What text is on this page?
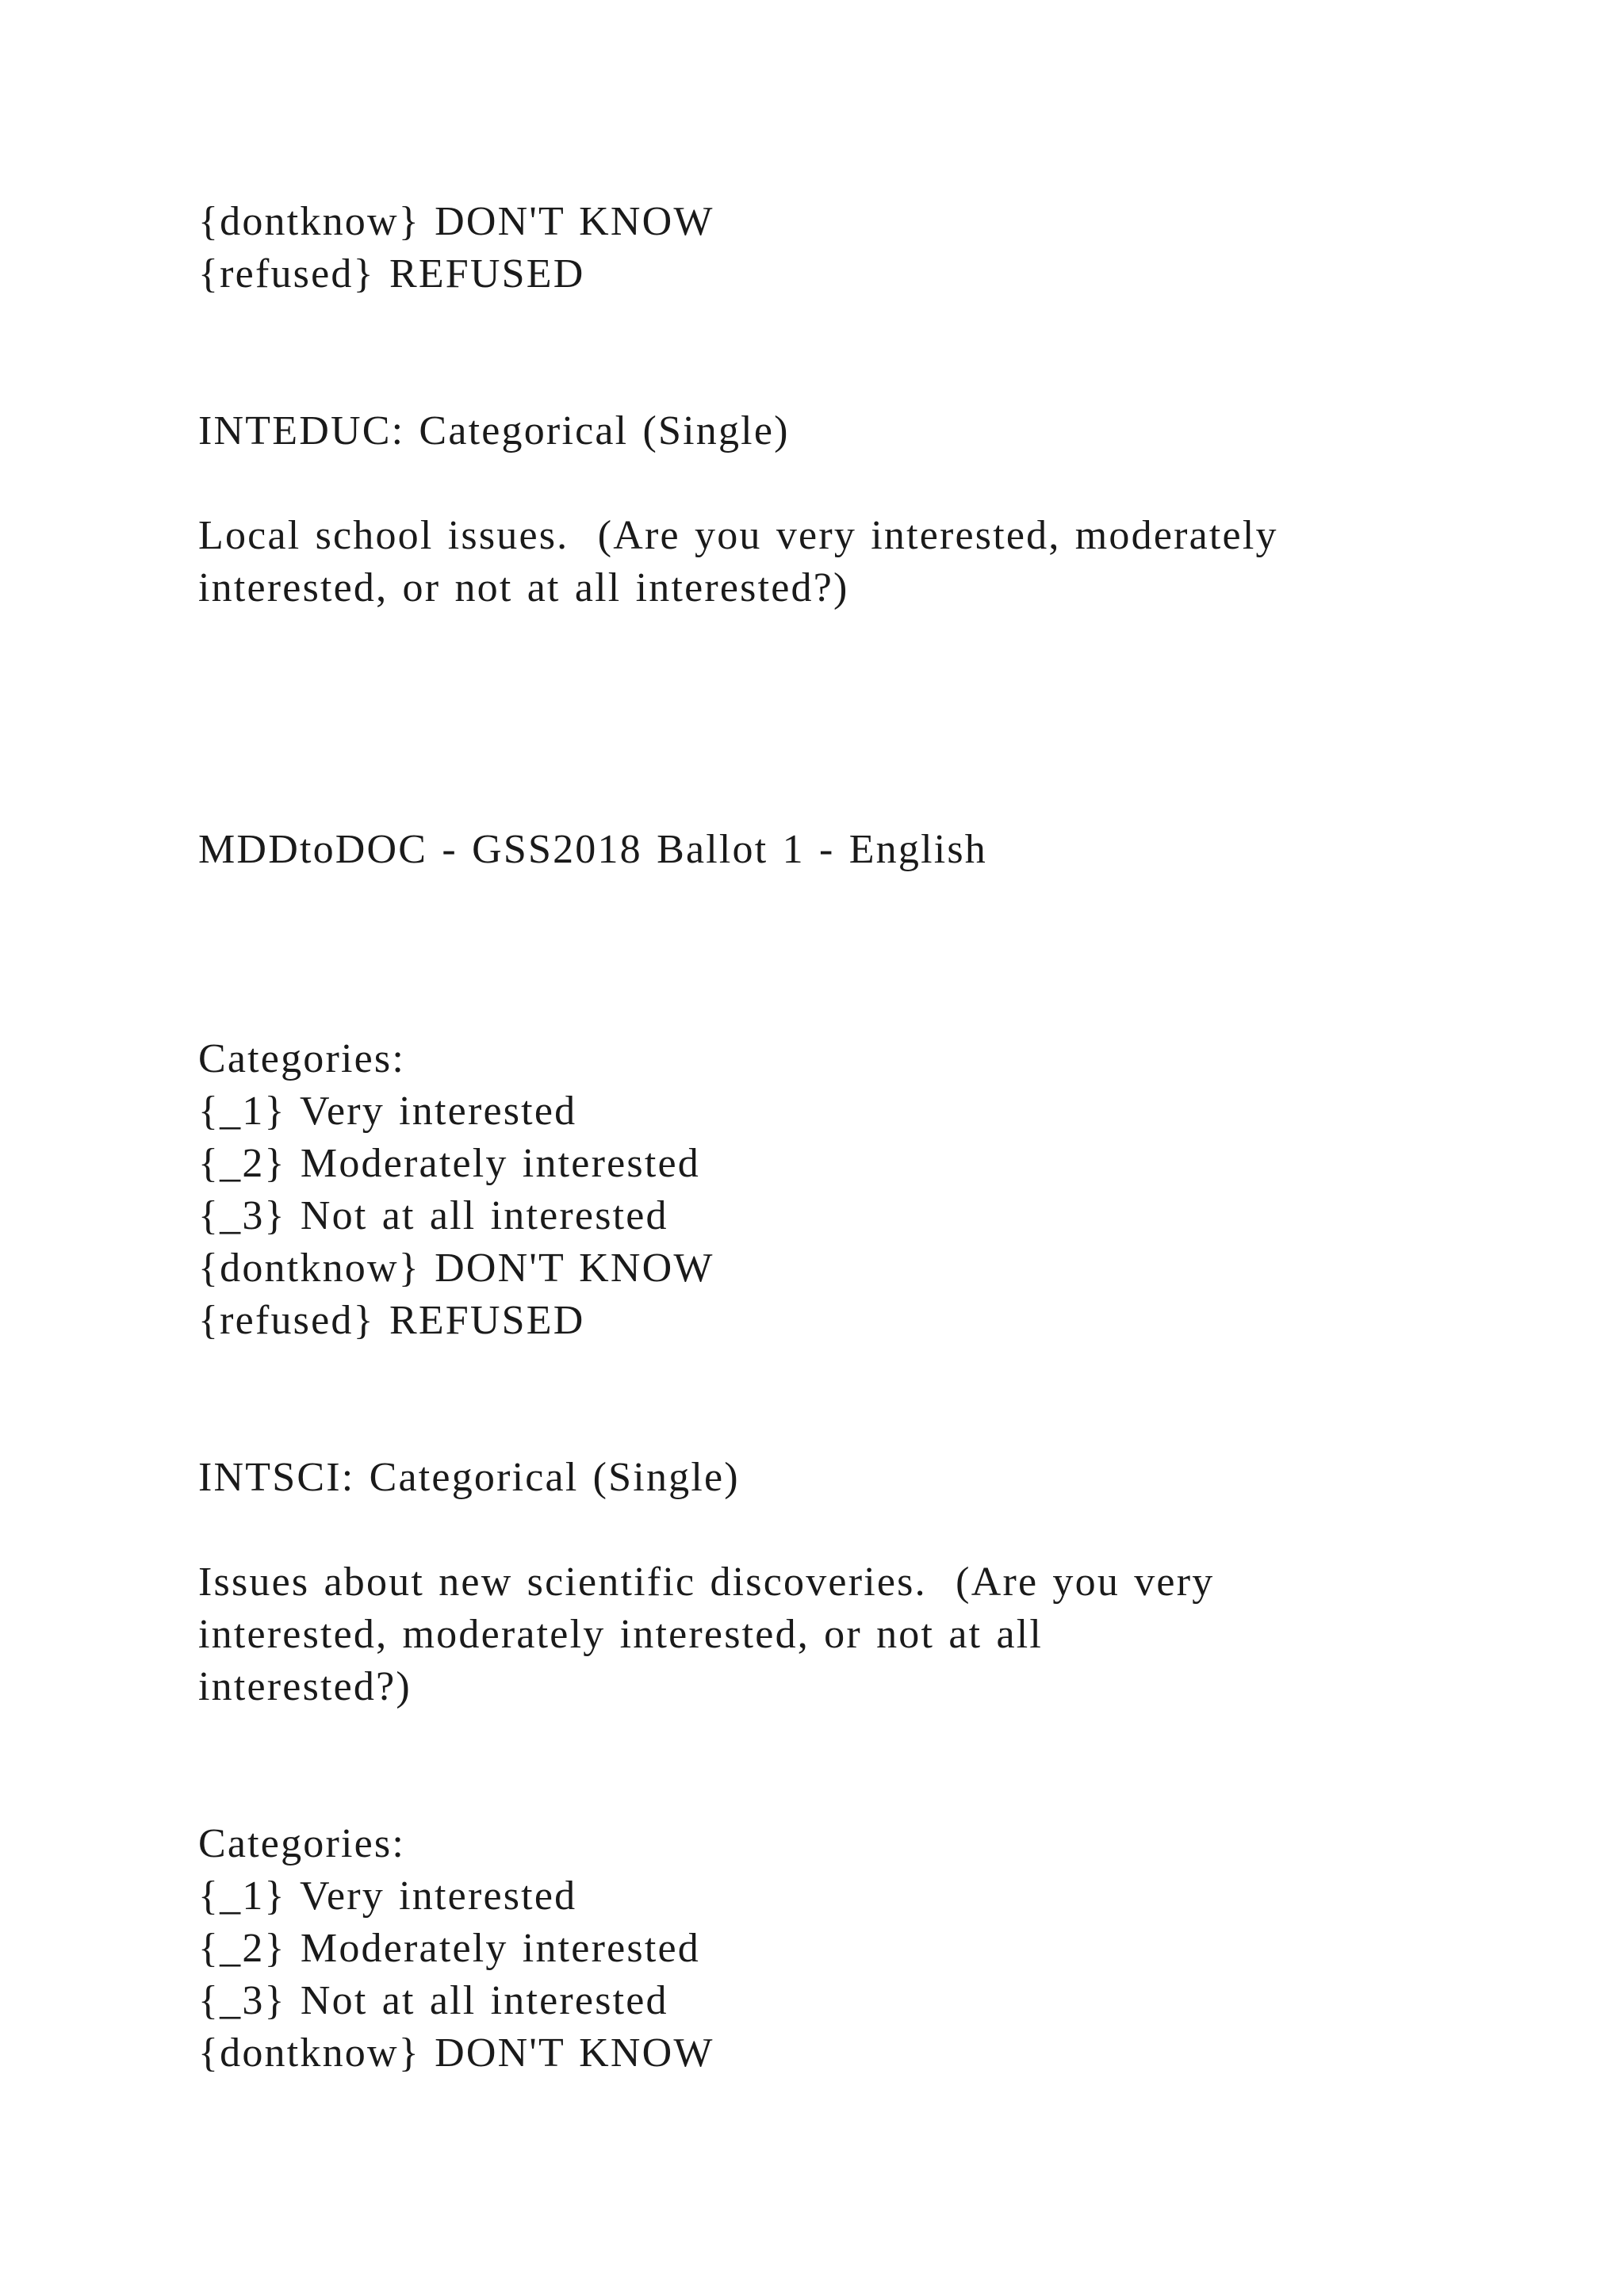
{dontknow} DON'T KNOW
{refused} REFUSED
INTEDUC: Categorical (Single)
Local school issues.  (Are you very interested, moderately
interested, or not at all interested?)
MDDtoDOC - GSS2018 Ballot 1 - English
Categories:
{_1} Very interested
{_2} Moderately interested
{_3} Not at all interested
{dontknow} DON'T KNOW
{refused} REFUSED
INTSCI: Categorical (Single)
Issues about new scientific discoveries.  (Are you very
interested, moderately interested, or not at all
interested?)
Categories:
{_1} Very interested
{_2} Moderately interested
{_3} Not at all interested
{dontknow} DON'T KNOW
